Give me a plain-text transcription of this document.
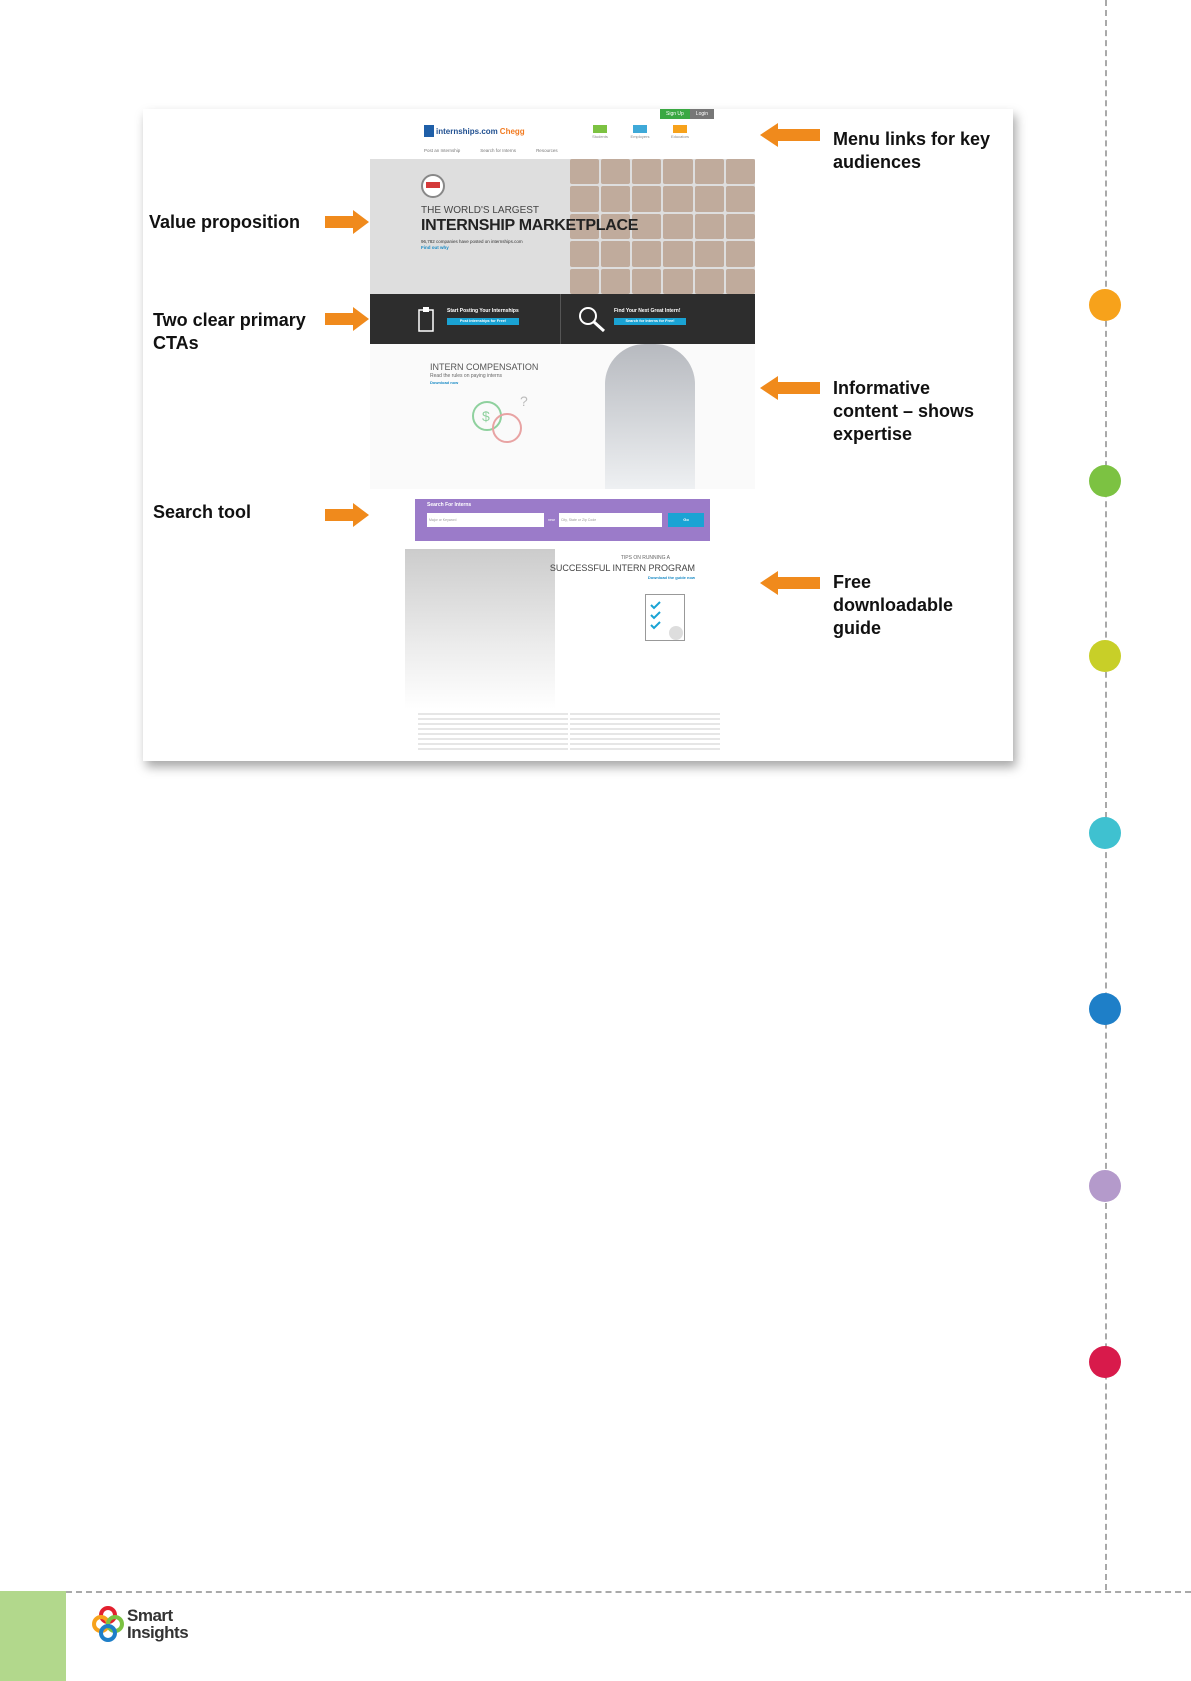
Value proposition
Two clear primary CTAs
Search tool
Menu links for key audiences
Informative content – shows expertise
Free downloadable guide
Sign Up	Login
internships.com Chegg
Students	Employers	Educators
Post an Internship	Search for Interns	Resources
THE WORLD'S LARGEST
INTERNSHIP MARKETPLACE
96,782 companies have posted on internships.com
Find out why
Start Posting Your Internships
Post Internships for Free!
Find Your Next Great Intern!
Search for Interns for Free!
INTERN COMPENSATION
Read the rules on paying interns
Download now
$
?
Search For Interns
Major or Keyword	near	City, State or Zip Code	Go
TIPS ON RUNNING A
SUCCESSFUL INTERN PROGRAM
Download the guide now
Smart
Insights
